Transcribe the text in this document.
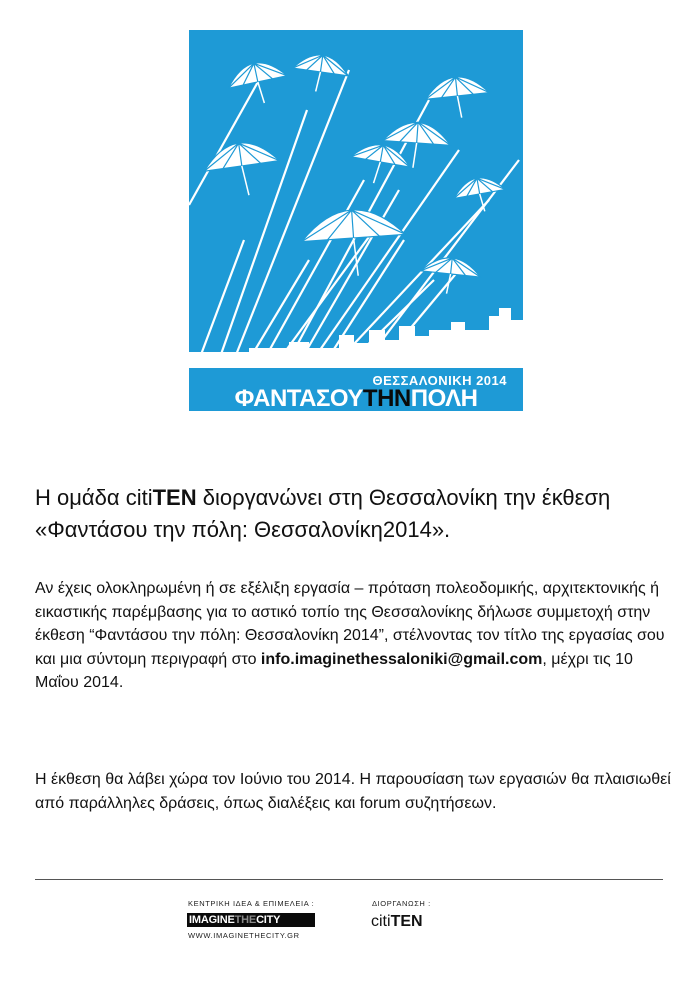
ΘΕΣΣΑΛΟΝΙΚΗ 2014
ΦΑΝΤΑΣΟΥ ΤΗΝ ΠΟΛΗ
Η ομάδα citiTEN διοργανώνει στη Θεσσαλονίκη την έκθεση «Φαντάσου την πόλη: Θεσσαλονίκη2014».
Αν έχεις ολοκληρωμένη ή σε εξέλιξη εργασία – πρόταση πολεοδομικής, αρχιτεκτονικής ή εικαστικής παρέμβασης για το αστικό τοπίο της Θεσσαλονίκης δήλωσε συμμετοχή στην έκθεση “Φαντάσου την πόλη: Θεσσαλονίκη 2014”, στέλνοντας τον τίτλο της εργασίας σου και μια σύντομη περιγραφή στο info.imaginethessaloniki@gmail.com, μέχρι τις 10 Μαΐου 2014.
Η έκθεση θα λάβει χώρα τον Ιούνιο του 2014. Η παρουσίαση των εργασιών θα πλαισιωθεί από παράλληλες δράσεις, όπως διαλέξεις και forum συζητήσεων.
ΚΕΝΤΡΙΚΗ ΙΔΕΑ & ΕΠΙΜΕΛΕΙΑ :
IMAGINETHECITY
WWW.IMAGINETHECITY.GR
ΔΙΟΡΓΑΝΩΣΗ :
citiTEN
